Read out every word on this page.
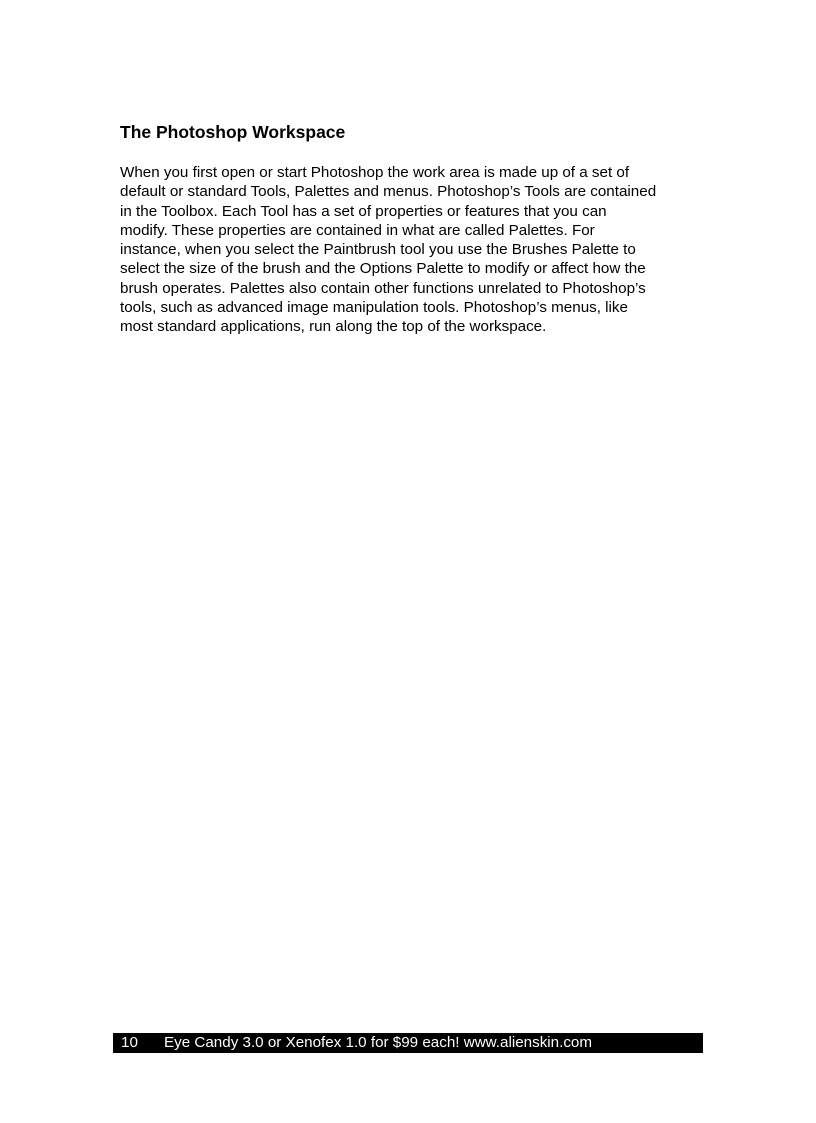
The Photoshop Workspace
When you first open or start Photoshop the work area is made up of a set of
default or standard Tools, Palettes and menus. Photoshop’s Tools are contained
in the Toolbox. Each Tool has a set of properties or features that you can
modify. These properties are contained in what are called Palettes. For
instance, when you select the Paintbrush tool you use the Brushes Palette to
select the size of the brush and the Options Palette to modify or affect how the
brush operates. Palettes also contain other functions unrelated to Photoshop’s
tools, such as advanced image manipulation tools. Photoshop’s menus, like
most standard applications, run along the top of the workspace.
10 Eye Candy 3.0 or Xenofex 1.0 for $99 each! www.alienskin.com
